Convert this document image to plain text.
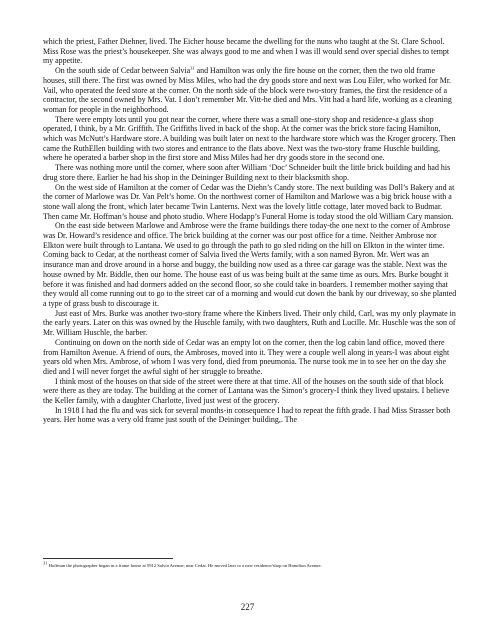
which the priest, Father Diehner, lived. The Eicher house became the dwelling for the nuns who taught at the St. Clare School. Miss Rose was the priest’s housekeeper. She was always good to me and when I was ill would send over special dishes to tempt my appetite.

On the south side of Cedar between Salvia$^{31}$ and Hamilton was only the fire house on the corner, then the two old frame houses, still there. The first was owned by Miss Miles, who had the dry goods store and next was Lou Eiler, who worked for Mr. Vail, who operated the feed store at the corner. On the north side of the block were two-story frames, the first the residence of a contractor, the second owned by Mrs. Vat. I don’t remember Mr. Vitt-he died and Mrs. Vitt had a hard life, working as a cleaning woman for people in the neighborhood.

There were empty lots until you got near the corner, where there was a small one-story shop and residence-a glass shop operated, I think, by a Mr. Griffith. The Griffiths lived in back of the shop. At the corner was the brick store facing Hamilton, which was McNutt’s Hardware store. A building was built later on next to the hardware store which was the Kroger grocery. Then came the RuthEllen building with two stores and entrance to the flats above. Next was the two-story frame Huschle building, where he operated a barber shop in the first store and Miss Miles had her dry goods store in the second one.

There was nothing more until the corner, where soon after William ‘Doc’ Schneider built the little brick building and had his drug store there. Earlier he had his shop in the Deininger Building next to their blacksmith shop.

On the west side of Hamilton at the corner of Cedar was the Diehn’s Candy store. The next building was Doll’s Bakery and at the corner of Marlowe was Dr. Van Pelt’s home. On the northwest corner of Hamilton and Marlowe was a big brick house with a stone wall along the front, which later became Twin Lanterns. Next was the lovely little cottage, later moved back to Budmar. Then came Mr. Hoffman’s house and photo studio. Where Hodapp’s Funeral Home is today stood the old William Cary mansion.

On the east side between Marlowe and Ambrose were the frame buildings there today-the one next to the corner of Ambrose was Dr. Howard’s residence and office. The brick building at the corner was our post office for a time. Neither Ambrose nor Elkton were built through to Lantana. We used to go through the path to go sled riding on the hill on Elkton in the winter time. Coming back to Cedar, at the northeast corner of Salvia lived the Werts family, with a son named Byron. Mr. Wert was an insurance man and drove around in a horse and buggy, the building now used as a three car garage was the stable. Next was the house owned by Mr. Biddle, then our home. The house east of us was being built at the same time as ours. Mrs. Burke bought it before it was finished and had dormers added on the second floor, so she could take in boarders. I remember mother saying that they would all come running out to go to the street car of a morning and would cut down the bank by our driveway, so she planted a type of grass bush to discourage it.

Just east of Mrs. Burke was another two-story frame where the Kinbers lived. Their only child, Carl, was my only playmate in the early years. Later on this was owned by the Huschle family, with two daughters, Ruth and Lucille. Mr. Huschle was the son of Mr. William Huschle, the barber.

Continuing on down on the north side of Cedar was an empty lot on the corner, then the log cabin land office, moved there from Hamilton Avenue. A friend of ours, the Ambroses, moved into it. They were a couple well along in years-I was about eight years old when Mrs. Ambrose, of whom I was very fond, died from pneumonia. The nurse took me in to see her on the day she died and I will never forget the awful sight of her struggle to breathe.

I think most of the houses on that side of the street were there at that time. All of the houses on the south side of that block were there as they are today. The building at the corner of Lantana was the Simon’s grocery-I think they lived upstairs. I believe the Keller family, with a daughter Charlotte, lived just west of the grocery.

In 1918 I had the flu and was sick for several months-in consequence I had to repeat the fifth grade. I had Miss Strasser both years. Her home was a very old frame just south of the Deininger building,. The

$^{31}$ Hoffman the photographer began in a frame house at 5912 Salvia Avenue, near Cedar. He moved later to a new residence/shop on Hamilton Avenue.
227
